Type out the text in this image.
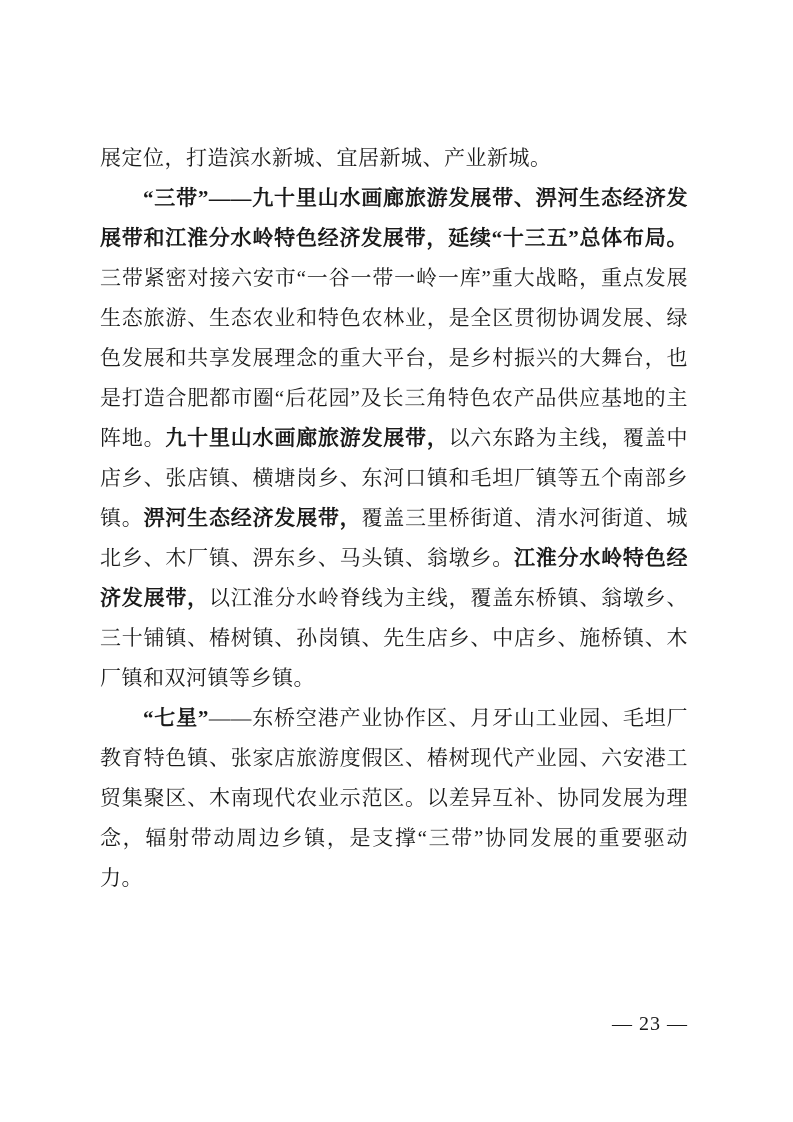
展定位，打造滨水新城、宜居新城、产业新城。

“三带”——九十里山水画廊旅游发展带、淠河生态经济发展带和江淮分水岭特色经济发展带，延续“十三五”总体布局。三带紧密对接六安市“一谷一带一岭一库”重大战略，重点发展生态旅游、生态农业和特色农林业，是全区贯彻协调发展、绿色发展和共享发展理念的重大平台，是乡村振兴的大舞台，也是打造合肥都市圈“后花园”及长三角特色农产品供应基地的主阵地。九十里山水画廊旅游发展带，以六东路为主线，覆盖中店乡、张店镇、横塘岗乡、东河口镇和毛坦厂镇等五个南部乡镇。淠河生态经济发展带，覆盖三里桥街道、清水河街道、城北乡、木厂镇、淠东乡、马头镇、翁墩乡。江淮分水岭特色经济发展带，以江淮分水岭脊线为主线，覆盖东桥镇、翁墩乡、三十铺镇、椿树镇、孙岗镇、先生店乡、中店乡、施桥镇、木厂镇和双河镇等乡镇。

“七星”——东桥空港产业协作区、月牙山工业园、毛坦厂教育特色镇、张家店旅游度假区、椿树现代产业园、六安港工贸集聚区、木南现代农业示范区。以差异互补、协同发展为理念，辐射带动周边乡镇，是支撑“三带”协同发展的重要驱动力。

— 23 —
